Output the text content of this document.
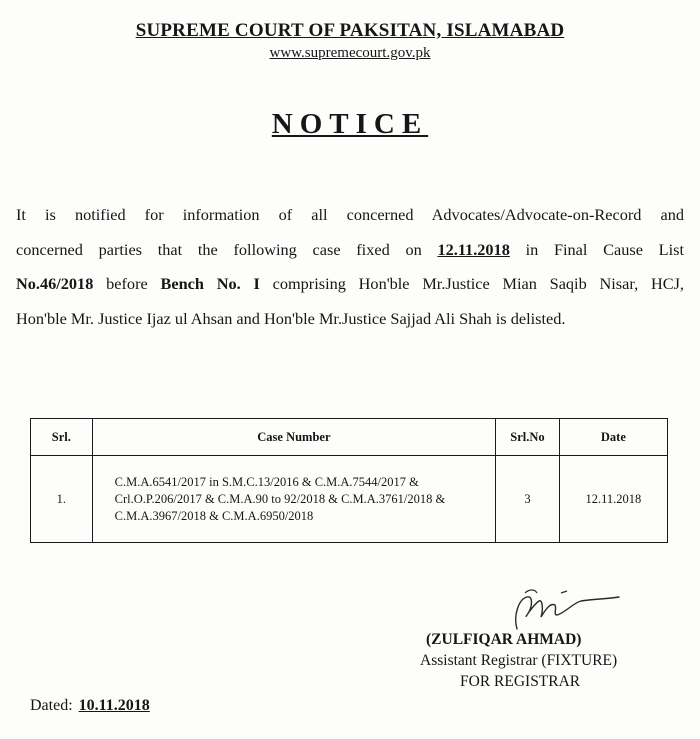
SUPREME COURT OF PAKSITAN, ISLAMABAD
www.supremecourt.gov.pk
NOTICE
It is notified for information of all concerned Advocates/Advocate-on-Record and
concerned parties that the following case fixed on 12.11.2018 in Final Cause List
No.46/2018 before Bench No. I comprising Hon'ble Mr.Justice Mian Saqib Nisar, HCJ,
Hon'ble Mr. Justice Ijaz ul Ahsan and Hon'ble Mr.Justice Sajjad Ali Shah is delisted.
Srl.	Case Number	Srl.No	Date
1.	C.M.A.6541/2017 in S.M.C.13/2016 & C.M.A.7544/2017 &
Crl.O.P.206/2017 & C.M.A.90 to 92/2018 & C.M.A.3761/2018 &
C.M.A.3967/2018 & C.M.A.6950/2018	3	12.11.2018
(ZULFIQAR AHMAD)
Assistant Registrar (FIXTURE)
FOR REGISTRAR
Dated: 10.11.2018
